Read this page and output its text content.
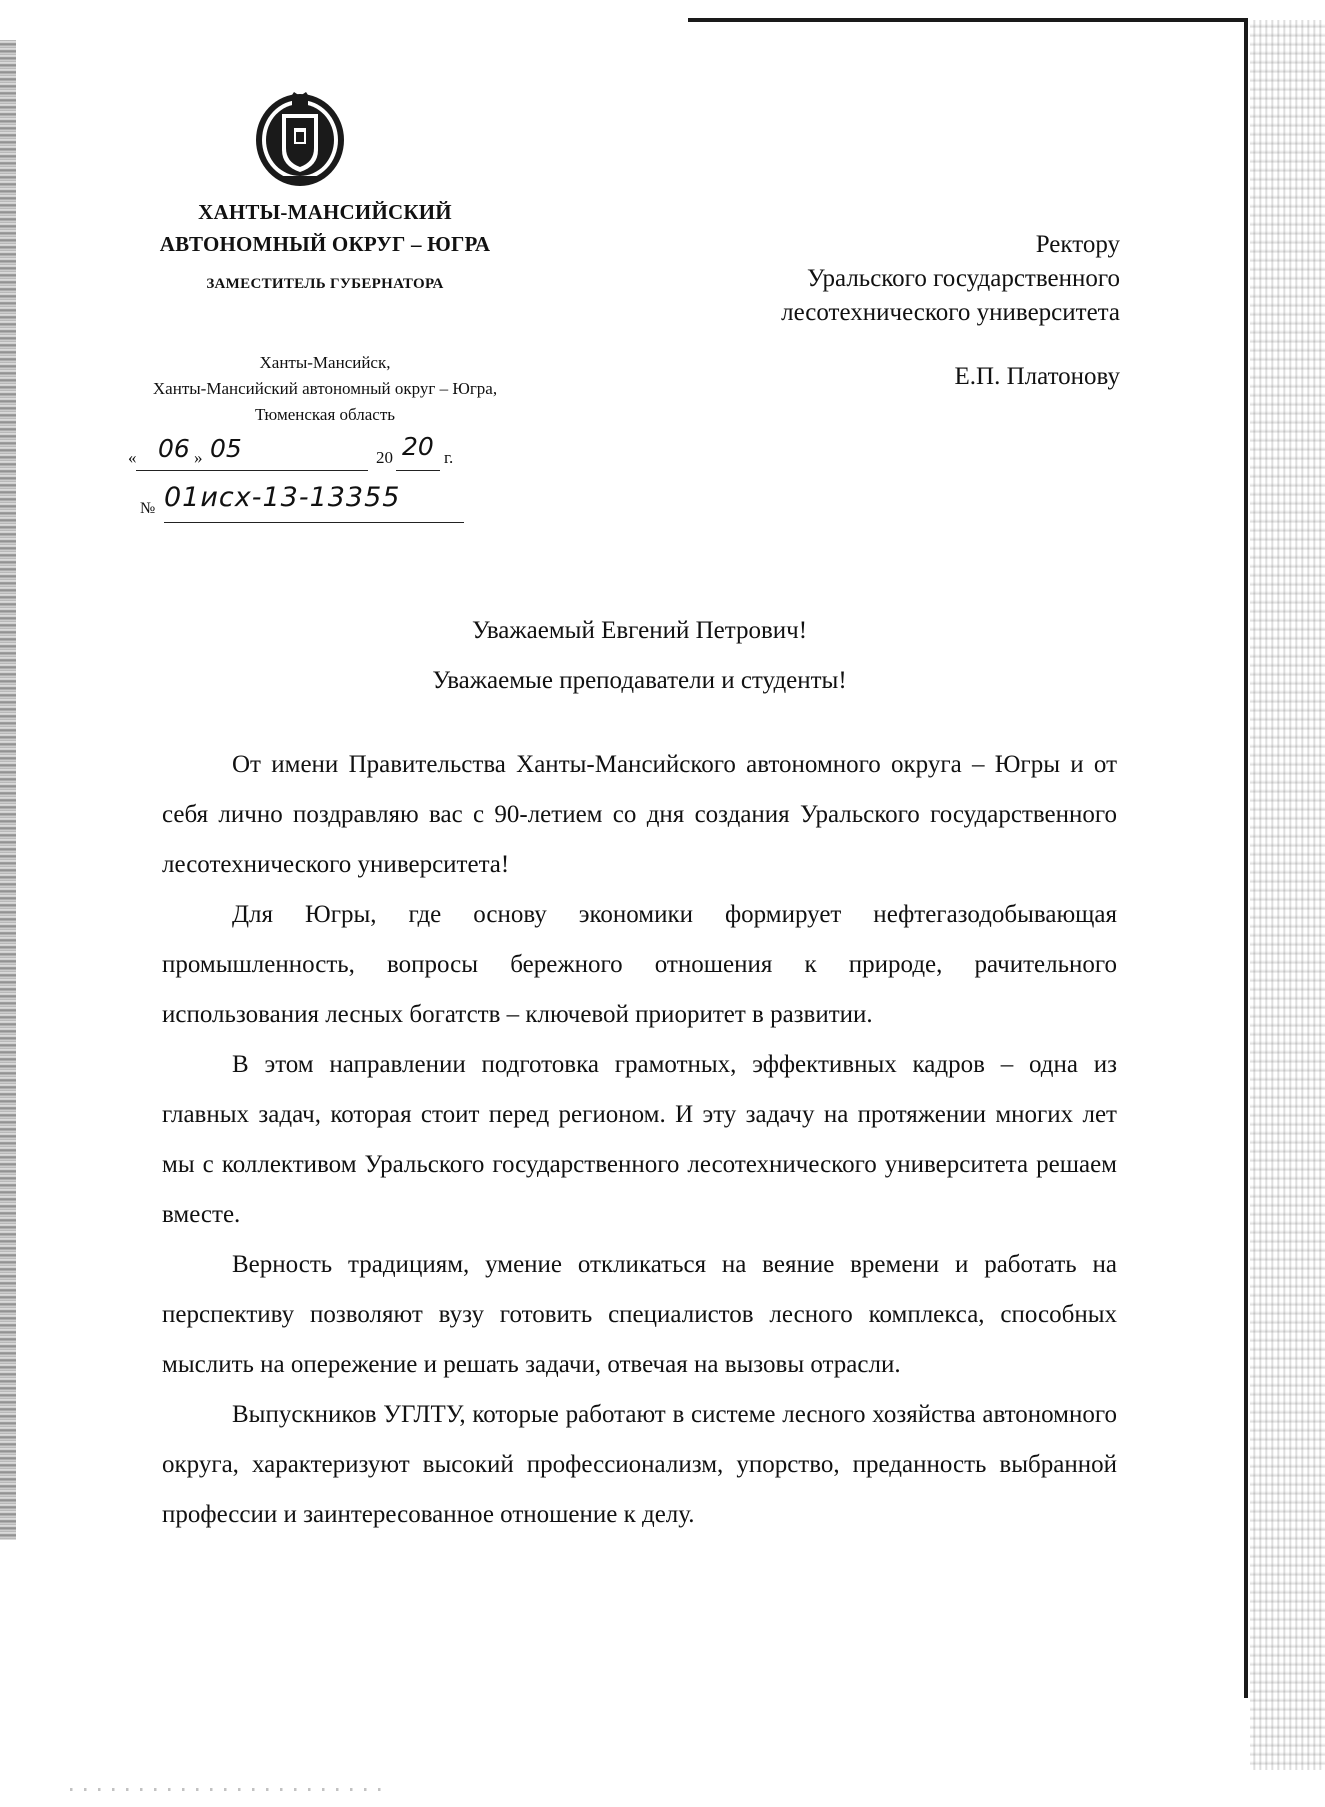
ХАНТЫ-МАНСИЙСКИЙ
АВТОНОМНЫЙ ОКРУГ – ЮГРА
ЗАМЕСТИТЕЛЬ ГУБЕРНАТОРА
Ханты-Мансийск,
Ханты-Мансийский автономный округ – Югра,
Тюменская область
« 06 » 05	20 20 г.
№ 01исх-13-13355
Ректору
Уральского государственного
лесотехнического университета
Е.П. Платонову
Уважаемый Евгений Петрович!
Уважаемые преподаватели и студенты!

От имени Правительства Ханты-Мансийского автономного округа – Югры и от себя лично поздравляю вас с 90-летием со дня создания Уральского государственного лесотехнического университета!

Для Югры, где основу экономики формирует нефтегазодобывающая промышленность, вопросы бережного отношения к природе, рачительного использования лесных богатств – ключевой приоритет в развитии.

В этом направлении подготовка грамотных, эффективных кадров – одна из главных задач, которая стоит перед регионом. И эту задачу на протяжении многих лет мы с коллективом Уральского государственного лесотехнического университета решаем вместе.

Верность традициям, умение откликаться на веяние времени и работать на перспективу позволяют вузу готовить специалистов лесного комплекса, способных мыслить на опережение и решать задачи, отвечая на вызовы отрасли.

Выпускников УГЛТУ, которые работают в системе лесного хозяйства автономного округа, характеризуют высокий профессионализм, упорство, преданность выбранной профессии и заинтересованное отношение к делу.
